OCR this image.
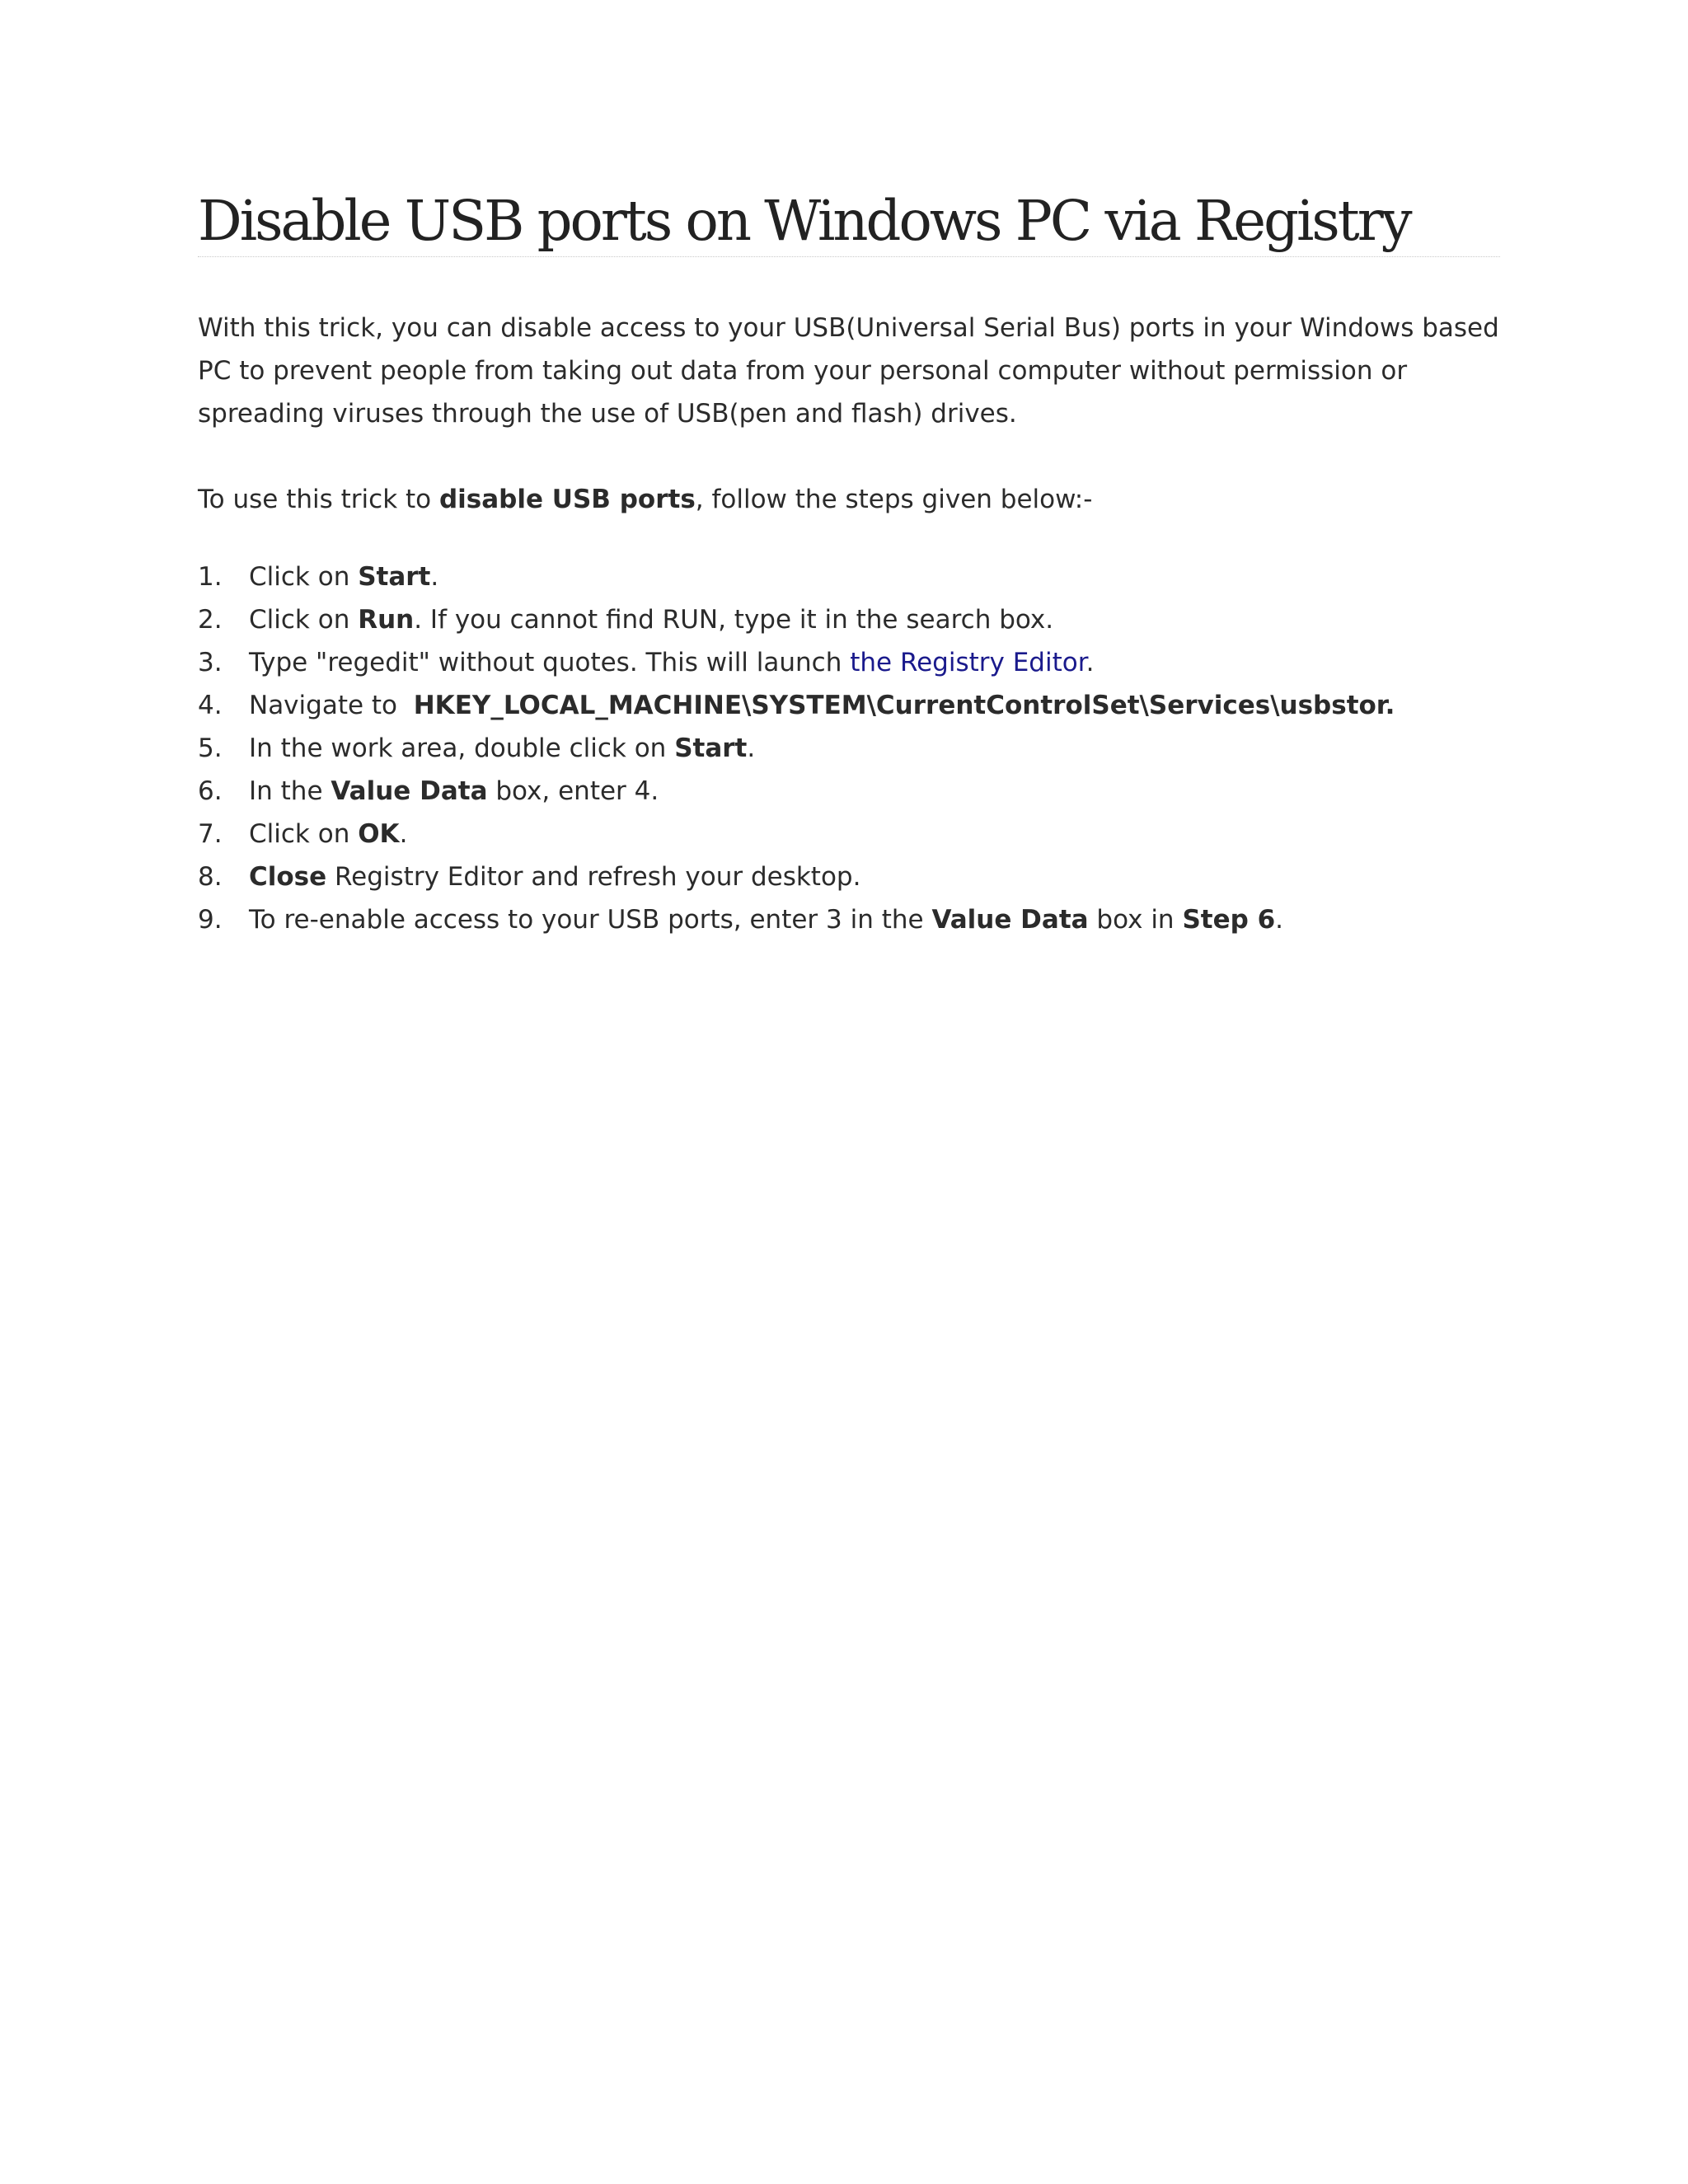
Disable USB ports on Windows PC via Registry

With this trick, you can disable access to your USB(Universal Serial Bus) ports in your Windows based PC to prevent people from taking out data from your personal computer without permission or spreading viruses through the use of USB(pen and flash) drives.

To use this trick to disable USB ports, follow the steps given below:-

1. Click on Start.
2. Click on Run. If you cannot find RUN, type it in the search box.
3. Type "regedit" without quotes. This will launch the Registry Editor.
4. Navigate to  HKEY_LOCAL_MACHINE\SYSTEM\CurrentControlSet\Services\usbstor.
5. In the work area, double click on Start.
6. In the Value Data box, enter 4.
7. Click on OK.
8. Close Registry Editor and refresh your desktop.
9. To re-enable access to your USB ports, enter 3 in the Value Data box in Step 6.
